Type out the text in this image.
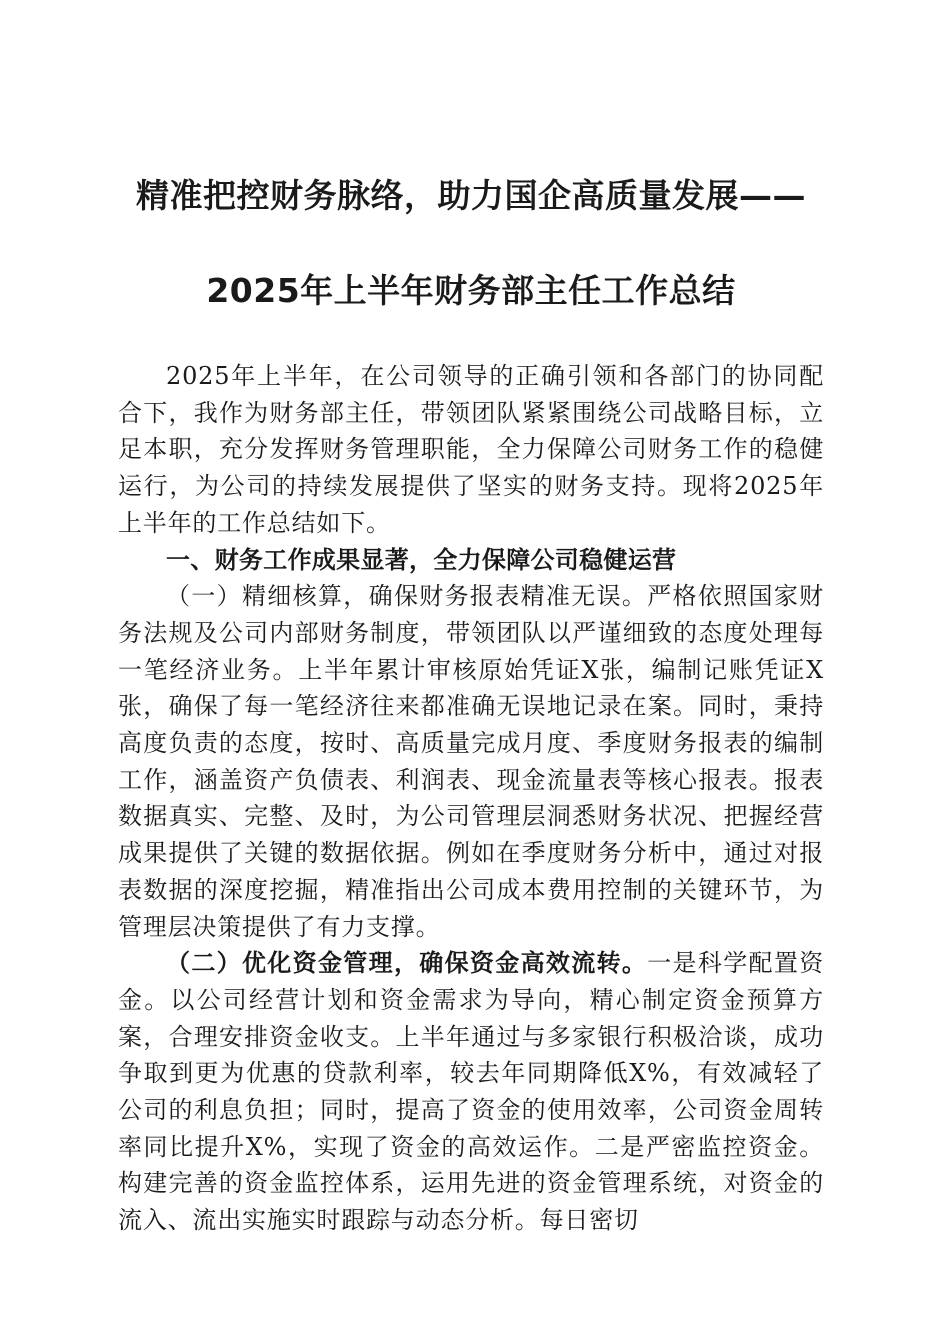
精准把控财务脉络，助力国企高质量发展——
2025年上半年财务部主任工作总结

2025年上半年，在公司领导的正确引领和各部门的协同配合下，我作为财务部主任，带领团队紧紧围绕公司战略目标，立足本职，充分发挥财务管理职能，全力保障公司财务工作的稳健运行，为公司的持续发展提供了坚实的财务支持。现将2025年上半年的工作总结如下。

一、财务工作成果显著，全力保障公司稳健运营

（一）精细核算，确保财务报表精准无误。严格依照国家财务法规及公司内部财务制度，带领团队以严谨细致的态度处理每一笔经济业务。上半年累计审核原始凭证X张，编制记账凭证X张，确保了每一笔经济往来都准确无误地记录在案。同时，秉持高度负责的态度，按时、高质量完成月度、季度财务报表的编制工作，涵盖资产负债表、利润表、现金流量表等核心报表。报表数据真实、完整、及时，为公司管理层洞悉财务状况、把握经营成果提供了关键的数据依据。例如在季度财务分析中，通过对报表数据的深度挖掘，精准指出公司成本费用控制的关键环节，为管理层决策提供了有力支撑。

（二）优化资金管理，确保资金高效流转。一是科学配置资金。以公司经营计划和资金需求为导向，精心制定资金预算方案，合理安排资金收支。上半年通过与多家银行积极洽谈，成功争取到更为优惠的贷款利率，较去年同期降低X%，有效减轻了公司的利息负担；同时，提高了资金的使用效率，公司资金周转率同比提升X%，实现了资金的高效运作。二是严密监控资金。构建完善的资金监控体系，运用先进的资金管理系统，对资金的流入、流出实施实时跟踪与动态分析。每日密切
